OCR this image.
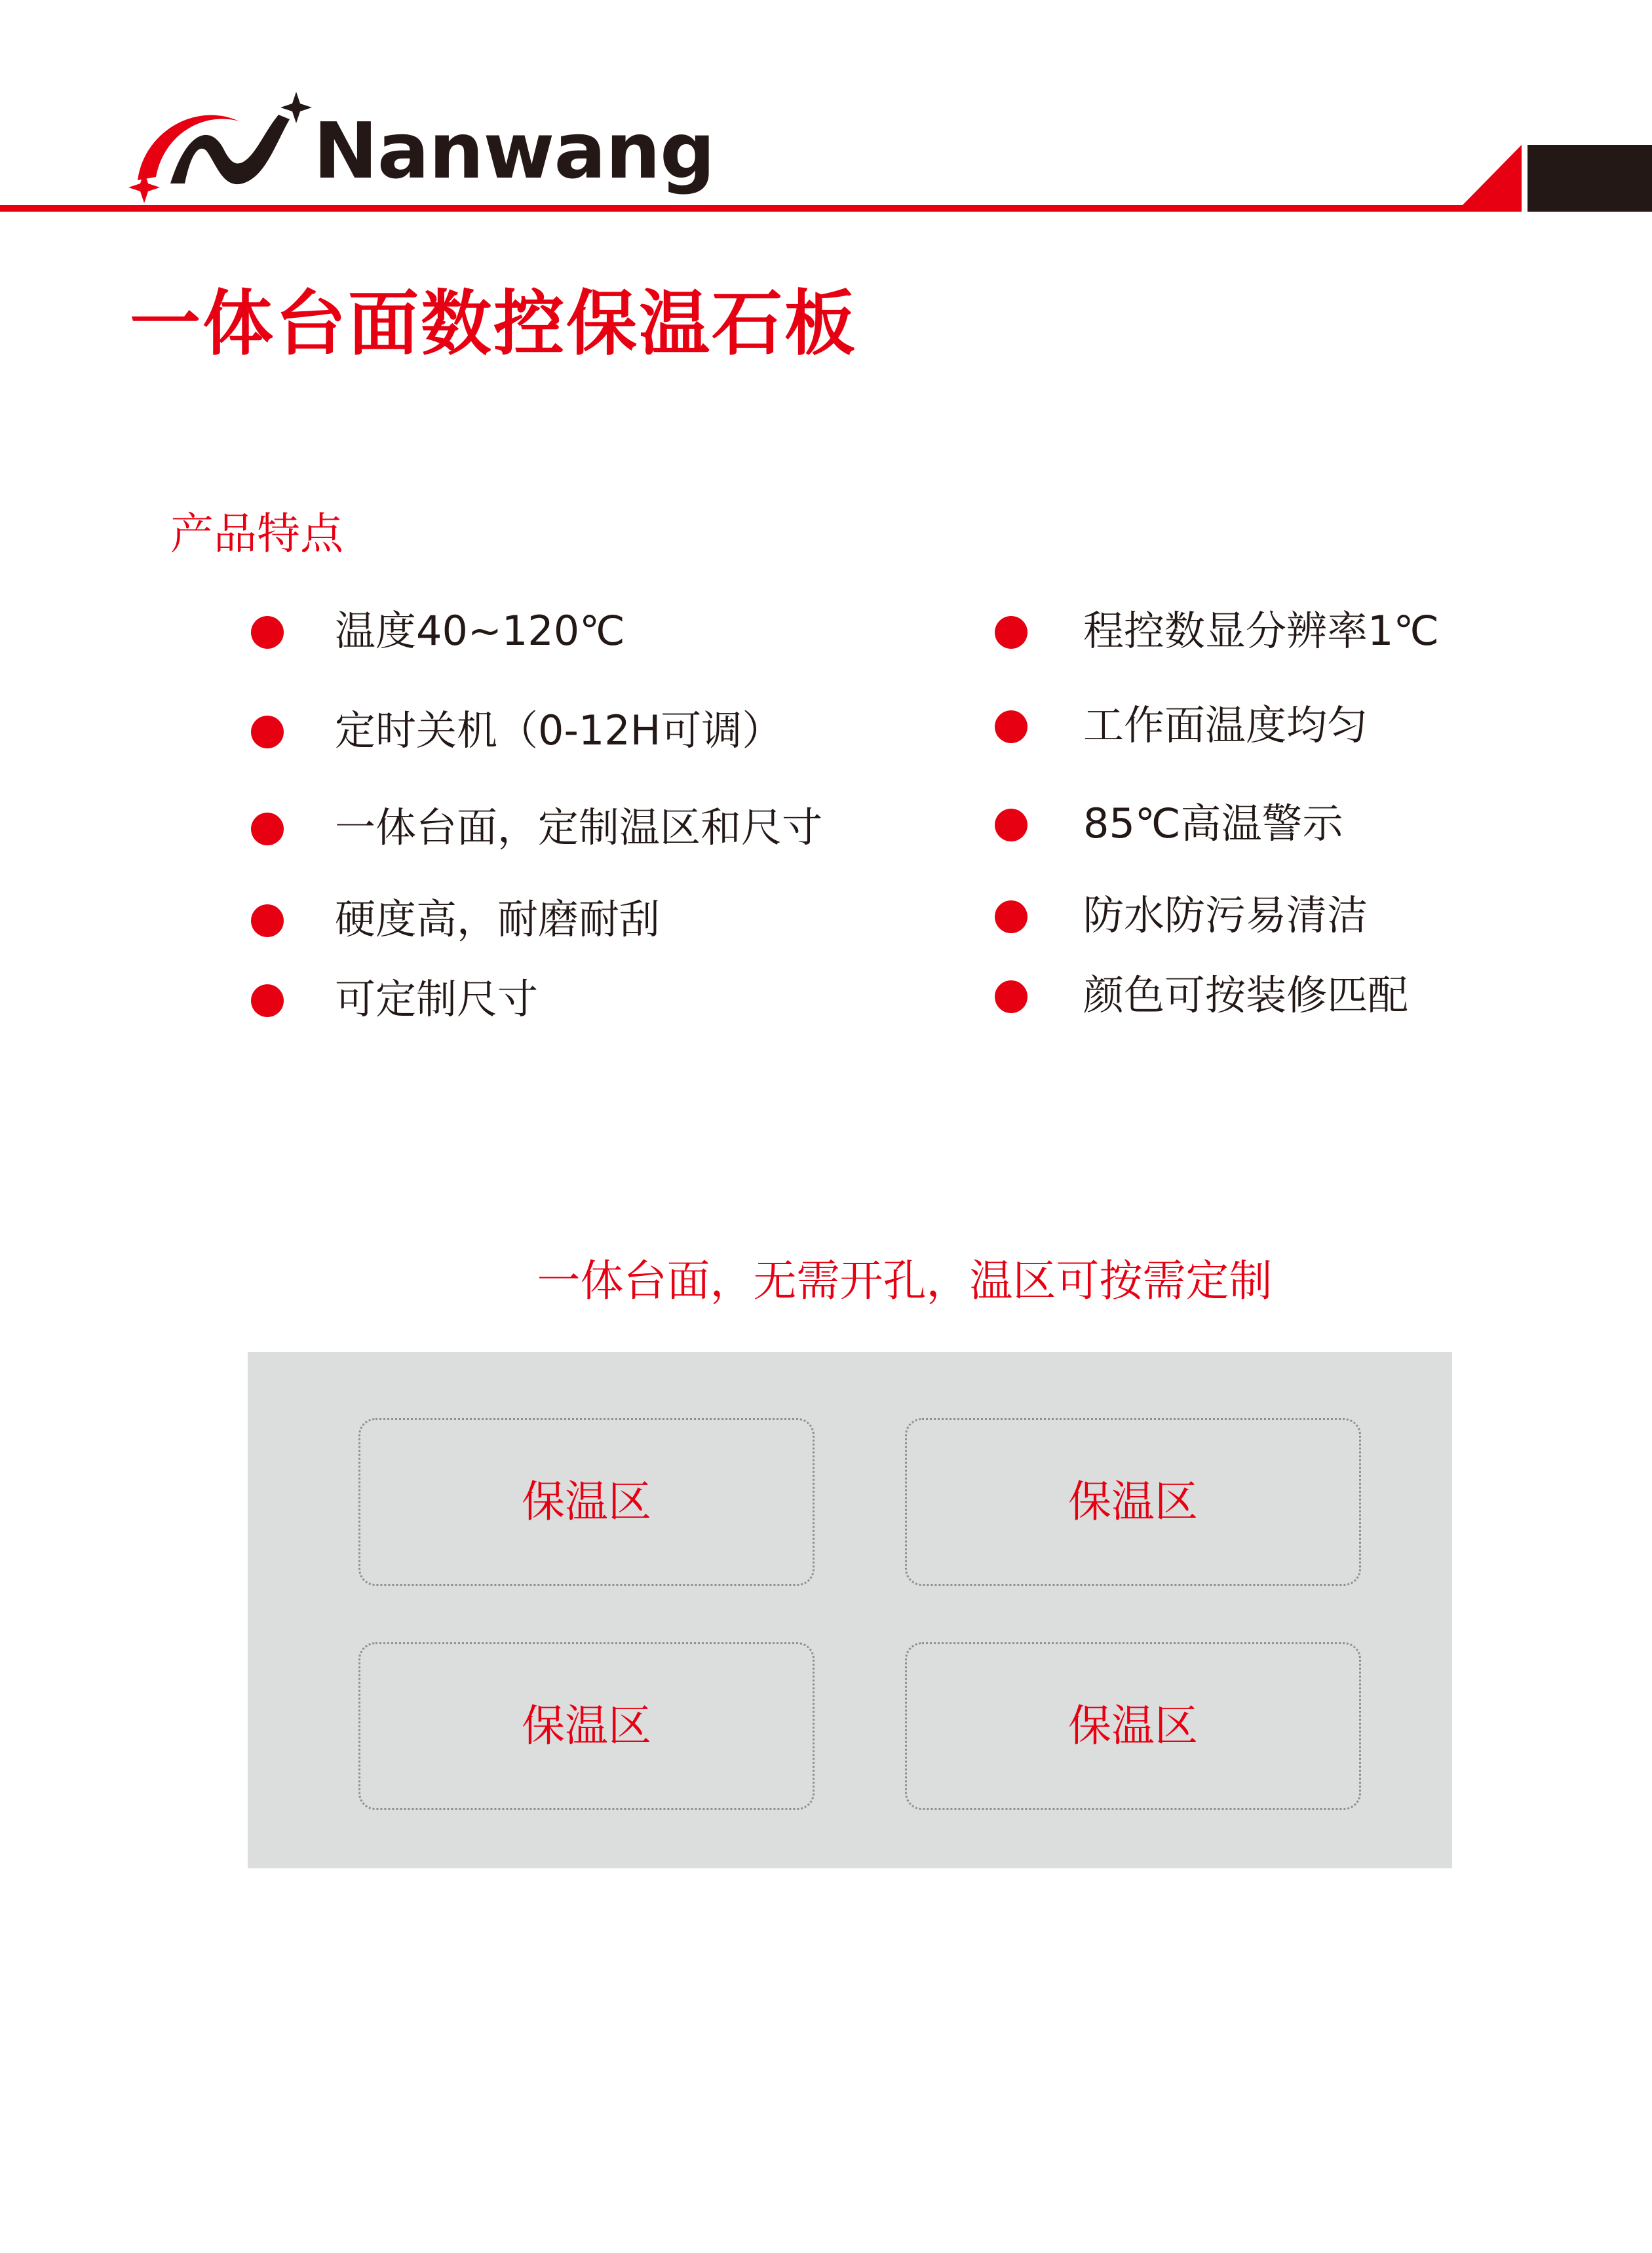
Nanwang
一体台面数控保温石板
产品特点
温度40~120℃
定时关机（0-12H可调）
一体台面，定制温区和尺寸
硬度高，耐磨耐刮
可定制尺寸
程控数显分辨率1℃
工作面温度均匀
85℃高温警示
防水防污易清洁
颜色可按装修匹配
一体台面，无需开孔，温区可按需定制
保温区	保温区
保温区	保温区
